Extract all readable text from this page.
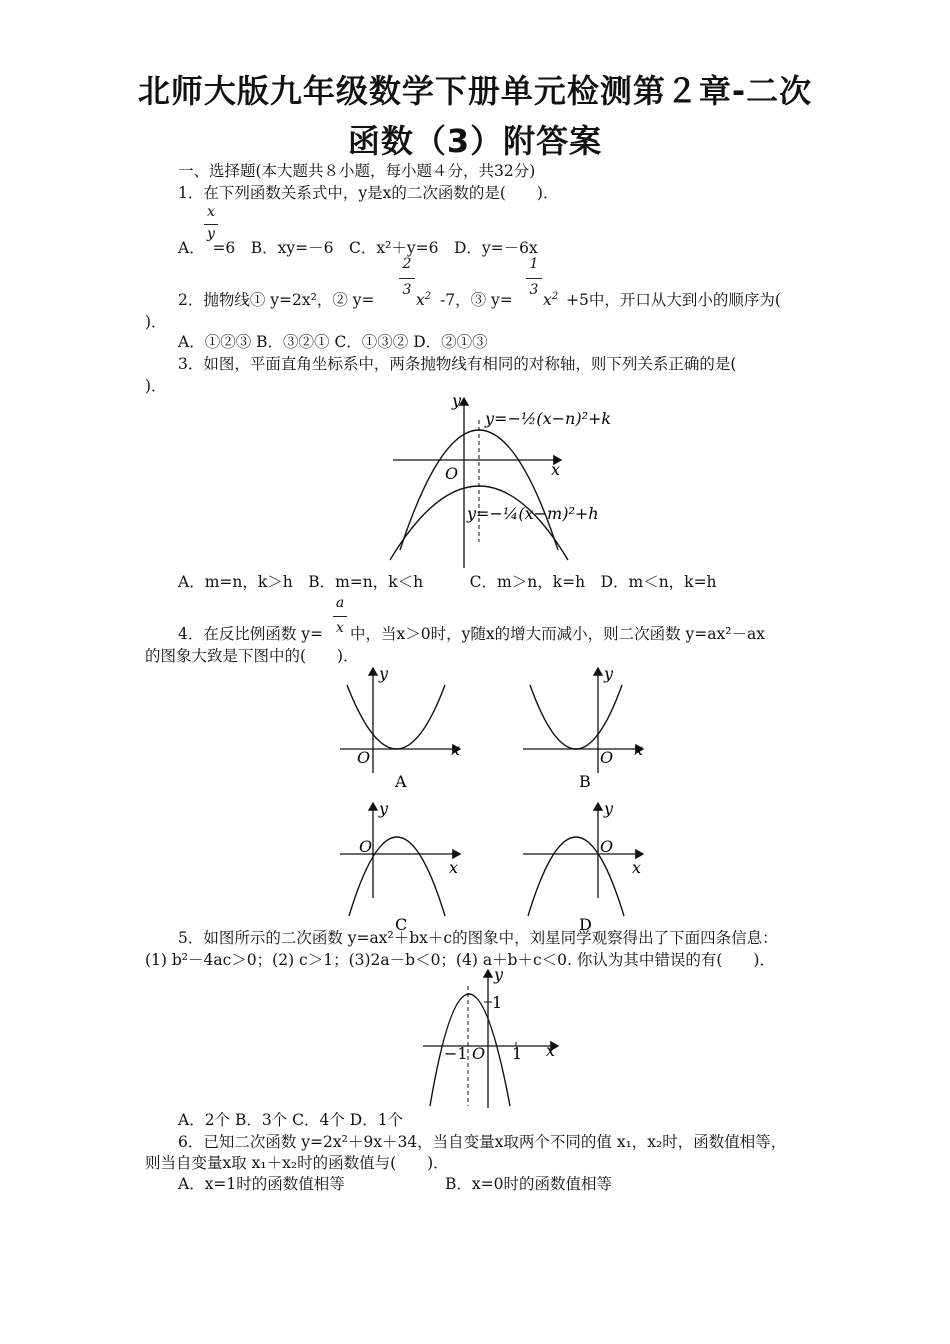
北师大版九年级数学下册单元检测第２章-二次
函数（3）附答案
一、选择题(本大题共８小题，每小题４分，共32分)
1．在下列函数关系式中，y是x的二次函数的是(　　)．
x
y
A．　=6　B．xy=－6　C．x²＋y=6　D．y=－6x
2
3
1
3
2．抛物线① y=2x²，② y=	$x^2$ -7，③ $y= x^2 +5$中，开口从大到小的顺序为(
)．
A．①②③ B．③②① C．①③② D．②①③
3．如图，平面直角坐标系中，两条抛物线有相同的对称轴，则下列关系正确的是(
)．
y
x
O
y=−½(x−n)²+k
y=−¼(x−m)²+h
A．m=n，k＞h　B．m=n，k＜h　　　C．m＞n，k=h　D．m＜n，k=h
a
x
4．在反比例函数 y= 中，当x＞0时，y随x的增大而减小，则二次函数 y=ax²－ax
的图象大致是下图中的(　　)．
y
x
O
A
y
x
O
B
y
x
O
C
y
x
O
D
5．如图所示的二次函数 y=ax²＋bx＋c的图象中，刘星同学观察得出了下面四条信息：
(1) b²－4ac＞0；(2) c＞1；(3)2a－b＜0；(4) a＋b＋c＜0. 你认为其中错误的有(　　)．
y
x
O
1
1
−1
A．2个 B．3个 C．4个 D．1个
6．已知二次函数 y=2x²＋9x＋34，当自变量x取两个不同的值 x₁，x₂时，函数值相等，
则当自变量x取 x₁＋x₂时的函数值与(　　)．
A．x=1时的函数值相等	B．x=0时的函数值相等
